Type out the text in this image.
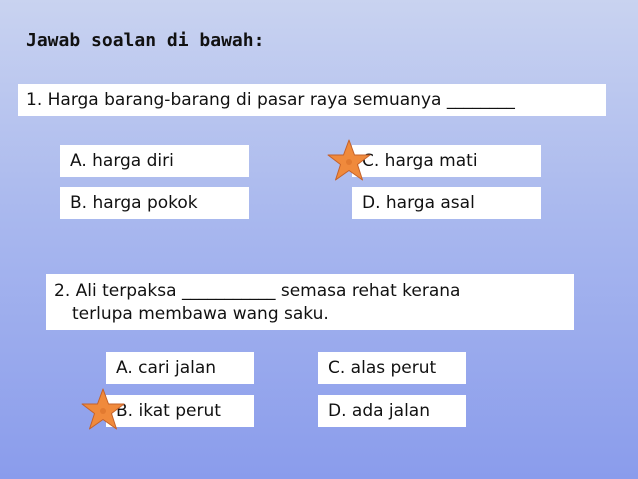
Jawab soalan di bawah:
1. Harga barang-barang di pasar raya semuanya ________
A. harga diri
B. harga pokok
C. harga mati
D. harga asal
2. Ali terpaksa ___________ semasa rehat kerana
terlupa membawa wang saku.
A. cari jalan
B. ikat perut
C. alas perut
D. ada jalan
